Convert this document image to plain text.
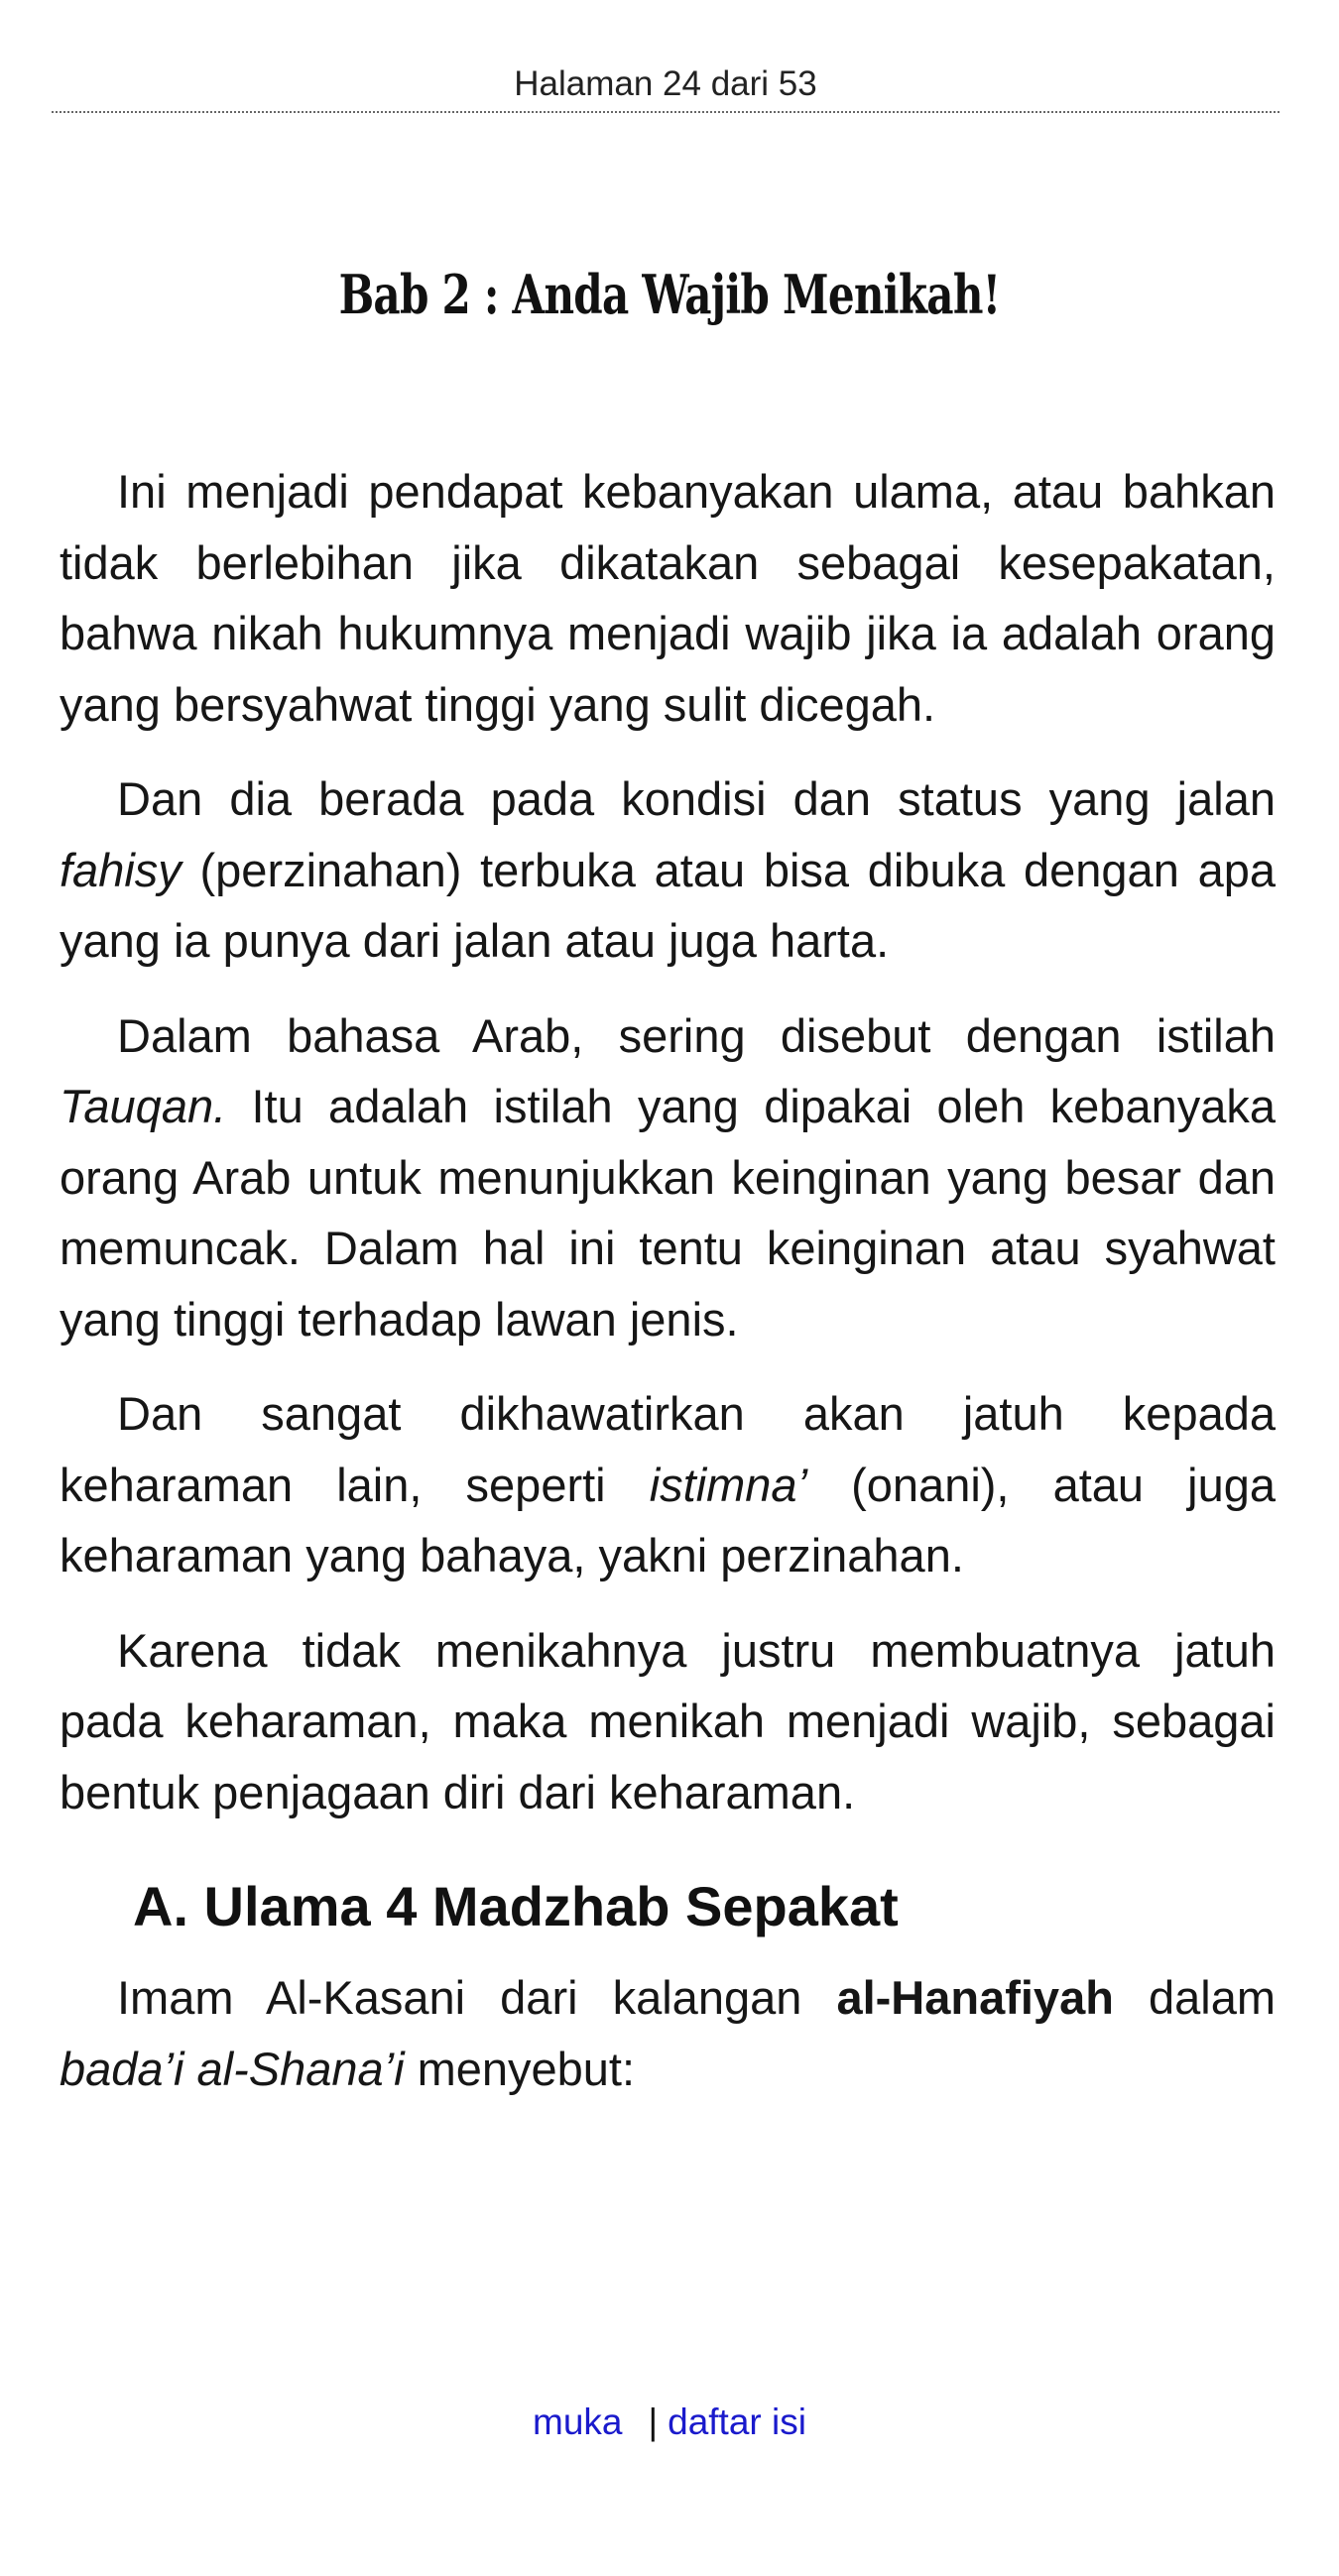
Halaman 24 dari 53
Bab 2 : Anda Wajib Menikah!

Ini menjadi pendapat kebanyakan ulama, atau bahkan tidak berlebihan jika dikatakan sebagai kesepakatan, bahwa nikah hukumnya menjadi wajib jika ia adalah orang yang bersyahwat tinggi yang sulit dicegah.

Dan dia berada pada kondisi dan status yang jalan fahisy (perzinahan) terbuka atau bisa dibuka dengan apa yang ia punya dari jalan atau juga harta.

Dalam bahasa Arab, sering disebut dengan istilah Tauqan. Itu adalah istilah yang dipakai oleh kebanyaka orang Arab untuk menunjukkan keinginan yang besar dan memuncak. Dalam hal ini tentu keinginan atau syahwat yang tinggi terhadap lawan jenis.

Dan sangat dikhawatirkan akan jatuh kepada keharaman lain, seperti istimna’ (onani), atau juga keharaman yang bahaya, yakni perzinahan.

Karena tidak menikahnya justru membuatnya jatuh pada keharaman, maka menikah menjadi wajib, sebagai bentuk penjagaan diri dari keharaman.

A. Ulama 4 Madzhab Sepakat

Imam Al-Kasani dari kalangan al-Hanafiyah dalam bada’i al-Shana’i menyebut:

muka | daftar isi
